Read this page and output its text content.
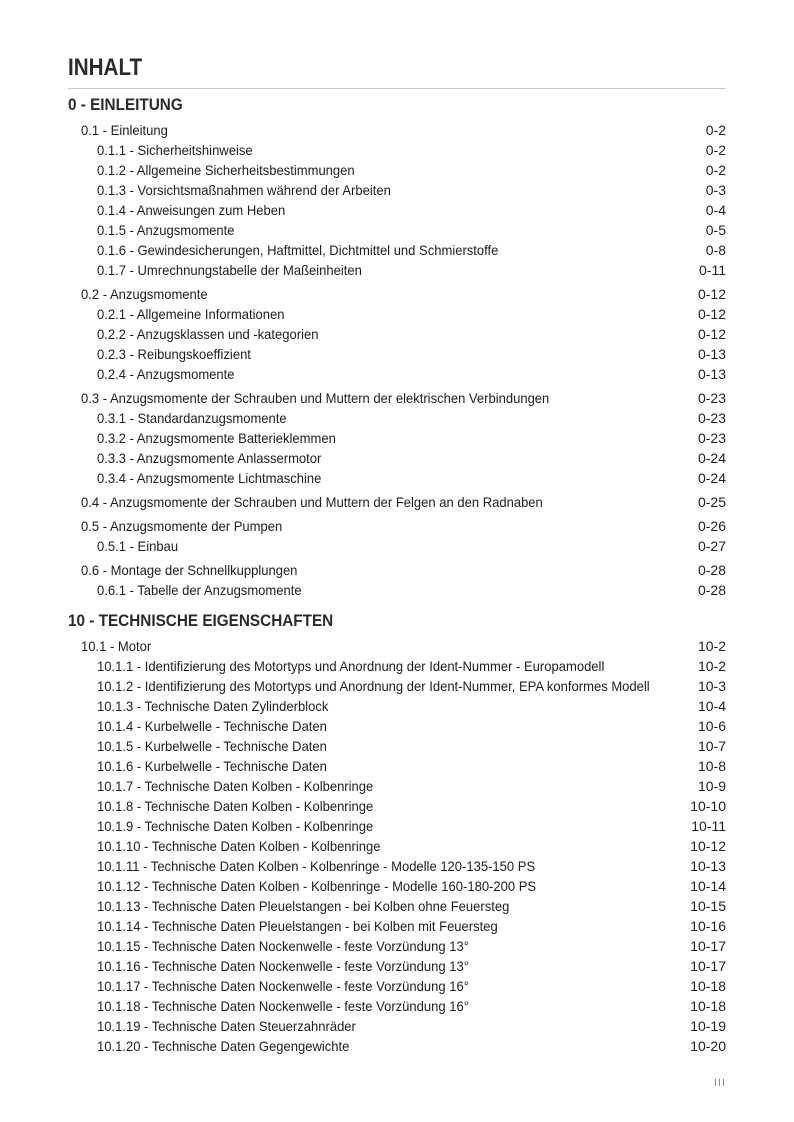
INHALT
0 - EINLEITUNG
0.1 - Einleitung	0-2
0.1.1 - Sicherheitshinweise	0-2
0.1.2 - Allgemeine Sicherheitsbestimmungen	0-2
0.1.3 - Vorsichtsmaßnahmen während der Arbeiten	0-3
0.1.4 - Anweisungen zum Heben	0-4
0.1.5 - Anzugsmomente	0-5
0.1.6 - Gewindesicherungen, Haftmittel, Dichtmittel und Schmierstoffe	0-8
0.1.7 - Umrechnungstabelle der Maßeinheiten	0-11
0.2 - Anzugsmomente	0-12
0.2.1 - Allgemeine Informationen	0-12
0.2.2 - Anzugsklassen und -kategorien	0-12
0.2.3 - Reibungskoeffizient	0-13
0.2.4 - Anzugsmomente	0-13
0.3 - Anzugsmomente der Schrauben und Muttern der elektrischen Verbindungen	0-23
0.3.1 - Standardanzugsmomente	0-23
0.3.2 - Anzugsmomente Batterieklemmen	0-23
0.3.3 - Anzugsmomente Anlassermotor	0-24
0.3.4 - Anzugsmomente Lichtmaschine	0-24
0.4 - Anzugsmomente der Schrauben und Muttern der Felgen an den Radnaben	0-25
0.5 - Anzugsmomente der Pumpen	0-26
0.5.1 - Einbau	0-27
0.6 - Montage der Schnellkupplungen	0-28
0.6.1 - Tabelle der Anzugsmomente	0-28
10 - TECHNISCHE EIGENSCHAFTEN
10.1 - Motor	10-2
10.1.1 - Identifizierung des Motortyps und Anordnung der Ident-Nummer - Europamodell	10-2
10.1.2 - Identifizierung des Motortyps und Anordnung der Ident-Nummer, EPA konformes Modell	10-3
10.1.3 - Technische Daten Zylinderblock	10-4
10.1.4 - Kurbelwelle - Technische Daten	10-6
10.1.5 - Kurbelwelle - Technische Daten	10-7
10.1.6 - Kurbelwelle - Technische Daten	10-8
10.1.7 - Technische Daten Kolben - Kolbenringe	10-9
10.1.8 - Technische Daten Kolben - Kolbenringe	10-10
10.1.9 - Technische Daten Kolben - Kolbenringe	10-11
10.1.10 - Technische Daten Kolben - Kolbenringe	10-12
10.1.11 - Technische Daten Kolben - Kolbenringe - Modelle 120-135-150 PS	10-13
10.1.12 - Technische Daten Kolben - Kolbenringe - Modelle 160-180-200 PS	10-14
10.1.13 - Technische Daten Pleuelstangen - bei Kolben ohne Feuersteg	10-15
10.1.14 - Technische Daten Pleuelstangen - bei Kolben mit Feuersteg	10-16
10.1.15 - Technische Daten Nockenwelle - feste Vorzündung 13°	10-17
10.1.16 - Technische Daten Nockenwelle - feste Vorzündung 13°	10-17
10.1.17 - Technische Daten Nockenwelle - feste Vorzündung 16°	10-18
10.1.18 - Technische Daten Nockenwelle - feste Vorzündung 16°	10-18
10.1.19 - Technische Daten Steuerzahnräder	10-19
10.1.20 - Technische Daten Gegengewichte	10-20
III
